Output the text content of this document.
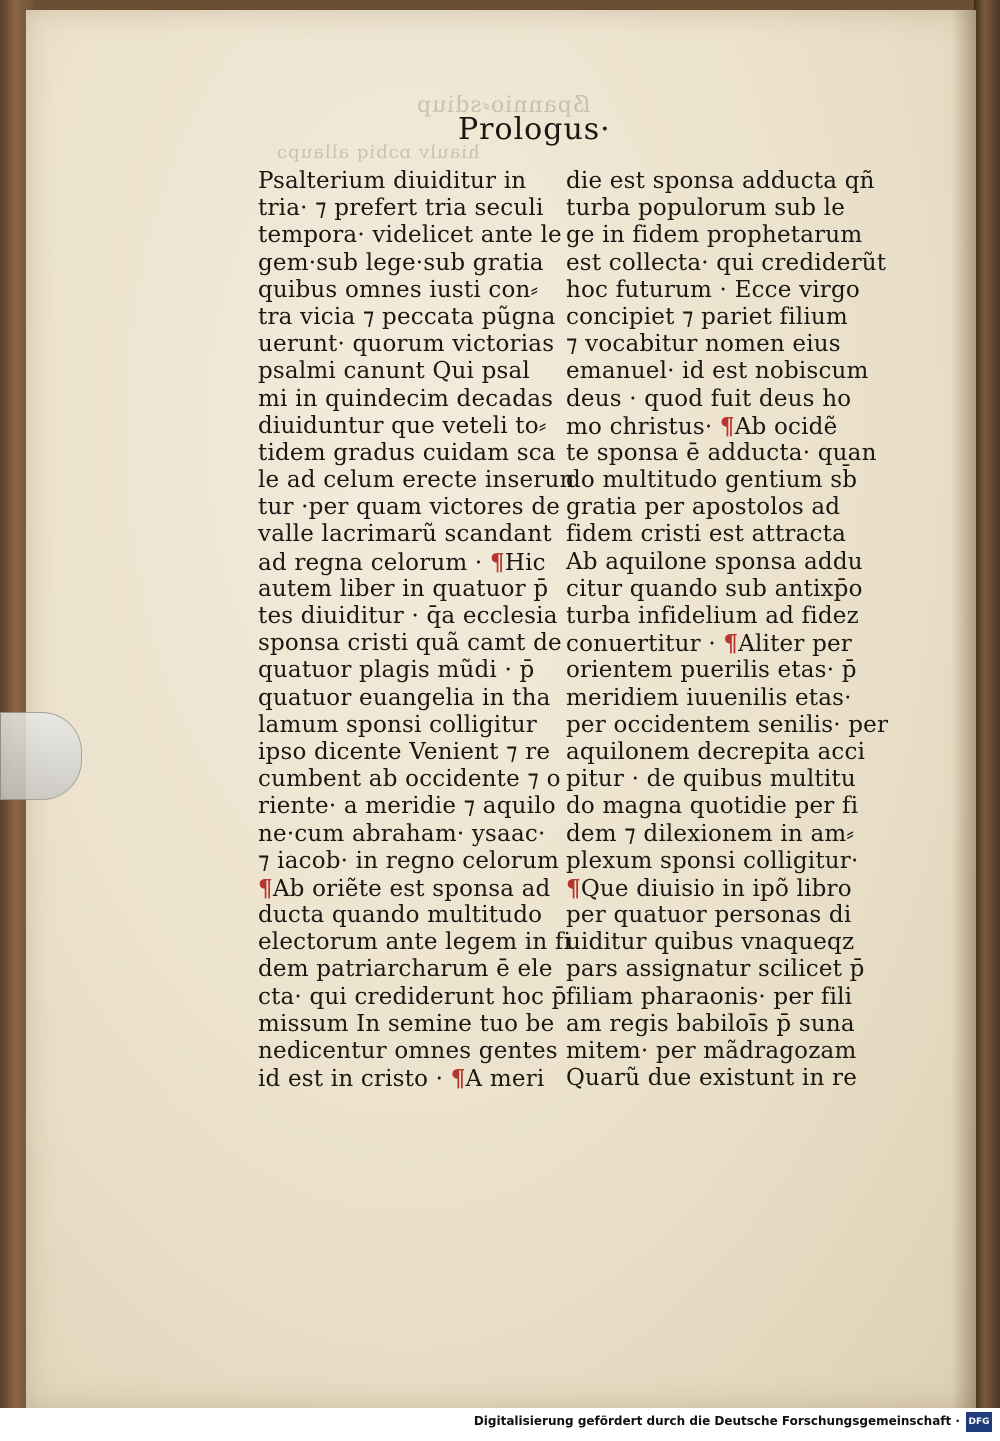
ẞpannio⸗sdiup
hiaulv ɒɔbiq allaupɔ
Prologus·
Psalterium diuiditur in
tria· ⁊ prefert tria seculi
tempora· videlicet ante le
gem·sub lege·sub gratia
quibus omnes iusti con⸗
tra vicia ⁊ peccata pũgna
uerunt· quorum victorias
psalmi canunt Qui psal
mi in quindecim decadas
diuiduntur que veteli to⸗
tidem gradus cuidam sca
le ad celum erecte inserun
tur ·per quam victores de
valle lacrimarũ scandant
ad regna celorum · ¶Hic
autem liber in quatuor p̄
tes diuiditur · q̄a ecclesia
sponsa cristi quã camt de
quatuor plagis mũdi · p̄
quatuor euangelia in tha
lamum sponsi colligitur
ipso dicente Venient ⁊ re
cumbent ab occidente ⁊ o
riente· a meridie ⁊ aquilo
ne·cum abraham· ysaac·
⁊ iacob· in regno celorum
¶Ab oriẽte est sponsa ad
ducta quando multitudo
electorum ante legem in fi
dem patriarcharum ē ele
cta· qui crediderunt hoc p̄
missum In semine tuo be
nedicentur omnes gentes
id est in cristo · ¶A meri
die est sponsa adducta qñ
turba populorum sub le
ge in fidem prophetarum
est collecta· qui crediderũt
hoc futurum · Ecce virgo
concipiet ⁊ pariet filium
⁊ vocabitur nomen eius
emanuel· id est nobiscum
deus · quod fuit deus ho
mo christus· ¶Ab ocidẽ
te sponsa ē adducta· quan
do multitudo gentium sb̄
gratia per apostolos ad
fidem cristi est attracta
Ab aquilone sponsa addu
citur quando sub antixp̄o
turba infidelium ad fidez
conuertitur · ¶Aliter per
orientem puerilis etas· p̄
meridiem iuuenilis etas·
per occidentem senilis· per
aquilonem decrepita acci
pitur · de quibus multitu
do magna quotidie per fi
dem ⁊ dilexionem in am⸗
plexum sponsi colligitur·
¶Que diuisio in ipõ libro
per quatuor personas di
uiditur quibus vnaqueqz
pars assignatur scilicet p̄
filiam pharaonis· per fili
am regis babiloīs p̄ suna
mitem· per mãdragozam
Quarũ due existunt in re
Digitalisierung gefördert durch die Deutsche Forschungsgemeinschaft · DFG
